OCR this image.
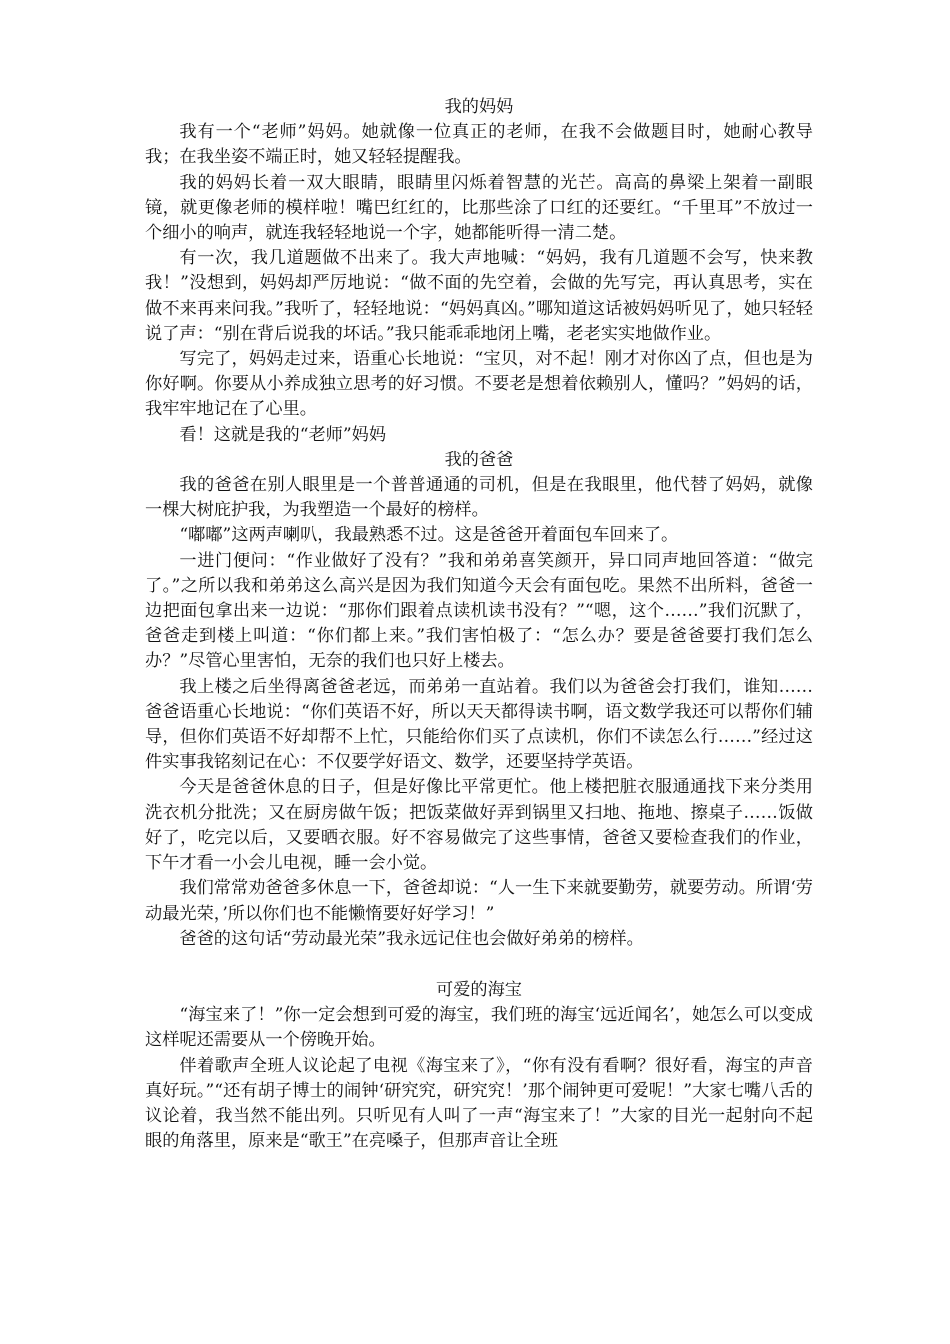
我的妈妈

我有一个“老师”妈妈。她就像一位真正的老师，在我不会做题目时，她耐心教导我；在我坐姿不端正时，她又轻轻提醒我。

我的妈妈长着一双大眼睛，眼睛里闪烁着智慧的光芒。高高的鼻梁上架着一副眼镜，就更像老师的模样啦！嘴巴红红的，比那些涂了口红的还要红。“千里耳”不放过一个细小的响声，就连我轻轻地说一个字，她都能听得一清二楚。

有一次，我几道题做不出来了。我大声地喊：“妈妈，我有几道题不会写，快来教我！”没想到，妈妈却严厉地说：“做不面的先空着，会做的先写完，再认真思考，实在做不来再来问我。”我听了，轻轻地说：“妈妈真凶。”哪知道这话被妈妈听见了，她只轻轻说了声：“别在背后说我的坏话。”我只能乖乖地闭上嘴，老老实实地做作业。

写完了，妈妈走过来，语重心长地说：“宝贝，对不起！刚才对你凶了点，但也是为你好啊。你要从小养成独立思考的好习惯。不要老是想着依赖别人，懂吗？”妈妈的话，我牢牢地记在了心里。

看！这就是我的“老师”妈妈

我的爸爸

我的爸爸在别人眼里是一个普普通通的司机，但是在我眼里，他代替了妈妈，就像一棵大树庇护我，为我塑造一个最好的榜样。

“嘟嘟”这两声喇叭，我最熟悉不过。这是爸爸开着面包车回来了。

一进门便问：“作业做好了没有？”我和弟弟喜笑颜开，异口同声地回答道：“做完了。”之所以我和弟弟这么高兴是因为我们知道今天会有面包吃。果然不出所料，爸爸一边把面包拿出来一边说：“那你们跟着点读机读书没有？”“嗯，这个……”我们沉默了，爸爸走到楼上叫道：“你们都上来。”我们害怕极了：“怎么办？要是爸爸要打我们怎么办？”尽管心里害怕，无奈的我们也只好上楼去。

我上楼之后坐得离爸爸老远，而弟弟一直站着。我们以为爸爸会打我们，谁知……爸爸语重心长地说：“你们英语不好，所以天天都得读书啊，语文数学我还可以帮你们辅导，但你们英语不好却帮不上忙，只能给你们买了点读机，你们不读怎么行……”经过这件实事我铭刻记在心：不仅要学好语文、数学，还要坚持学英语。

今天是爸爸休息的日子，但是好像比平常更忙。他上楼把脏衣服通通找下来分类用洗衣机分批洗；又在厨房做午饭；把饭菜做好弄到锅里又扫地、拖地、擦桌子……饭做好了，吃完以后，又要晒衣服。好不容易做完了这些事情，爸爸又要检查我们的作业，下午才看一小会儿电视，睡一会小觉。

我们常常劝爸爸多休息一下，爸爸却说：“人一生下来就要勤劳，就要劳动。所谓‘劳动最光荣，’所以你们也不能懒惰要好好学习！”

爸爸的这句话“劳动最光荣”我永远记住也会做好弟弟的榜样。

可爱的海宝

“海宝来了！”你一定会想到可爱的海宝，我们班的海宝‘远近闻名’，她怎么可以变成这样呢还需要从一个傍晚开始。

伴着歌声全班人议论起了电视《海宝来了》，“你有没有看啊？很好看，海宝的声音真好玩。”“还有胡子博士的闹钟‘研究究，研究究！’那个闹钟更可爱呢！”大家七嘴八舌的议论着，我当然不能出列。只听见有人叫了一声“海宝来了！”大家的目光一起射向不起眼的角落里，原来是“歌王”在亮嗓子，但那声音让全班
